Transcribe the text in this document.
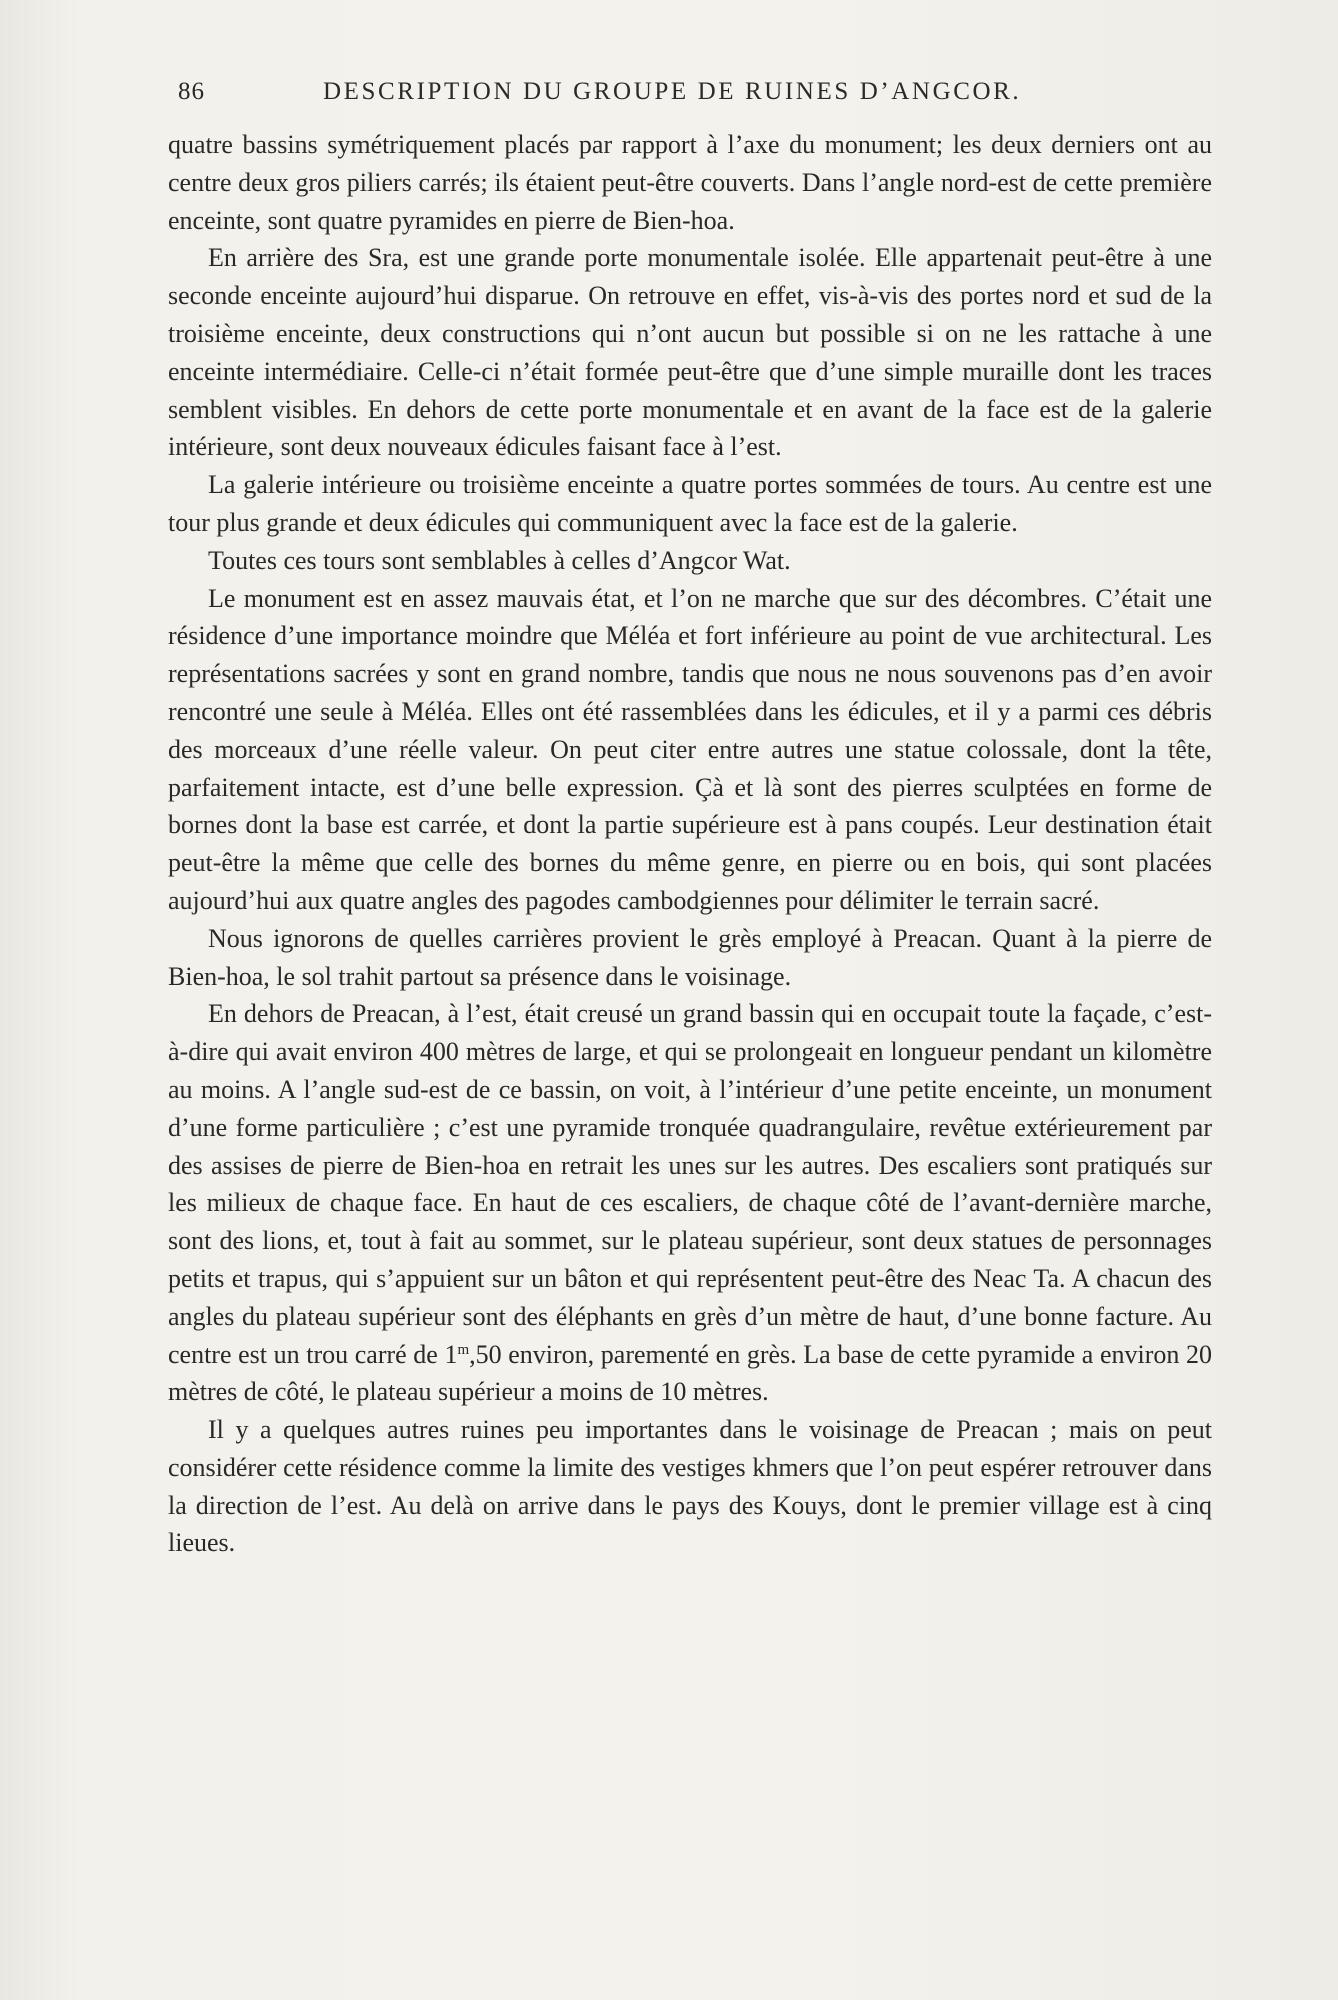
86	DESCRIPTION DU GROUPE DE RUINES D’ANGCOR.

quatre bassins symétriquement placés par rapport à l’axe du monument; les deux derniers ont au centre deux gros piliers carrés; ils étaient peut-être couverts. Dans l’angle nord-est de cette première enceinte, sont quatre pyramides en pierre de Bien-hoa.

En arrière des Sra, est une grande porte monumentale isolée. Elle appartenait peut-être à une seconde enceinte aujourd’hui disparue. On retrouve en effet, vis-à-vis des portes nord et sud de la troisième enceinte, deux constructions qui n’ont aucun but possible si on ne les rattache à une enceinte intermédiaire. Celle-ci n’était formée peut-être que d’une simple muraille dont les traces semblent visibles. En dehors de cette porte monumentale et en avant de la face est de la galerie intérieure, sont deux nouveaux édicules faisant face à l’est.

La galerie intérieure ou troisième enceinte a quatre portes sommées de tours. Au centre est une tour plus grande et deux édicules qui communiquent avec la face est de la galerie.

Toutes ces tours sont semblables à celles d’Angcor Wat.

Le monument est en assez mauvais état, et l’on ne marche que sur des décombres. C’était une résidence d’une importance moindre que Méléa et fort inférieure au point de vue architectural. Les représentations sacrées y sont en grand nombre, tandis que nous ne nous souvenons pas d’en avoir rencontré une seule à Méléa. Elles ont été rassemblées dans les édicules, et il y a parmi ces débris des morceaux d’une réelle valeur. On peut citer entre autres une statue colossale, dont la tête, parfaitement intacte, est d’une belle expression. Çà et là sont des pierres sculptées en forme de bornes dont la base est carrée, et dont la partie supérieure est à pans coupés. Leur destination était peut-être la même que celle des bornes du même genre, en pierre ou en bois, qui sont placées aujourd’hui aux quatre angles des pagodes cambodgiennes pour délimiter le terrain sacré.

Nous ignorons de quelles carrières provient le grès employé à Preacan. Quant à la pierre de Bien-hoa, le sol trahit partout sa présence dans le voisinage.

En dehors de Preacan, à l’est, était creusé un grand bassin qui en occupait toute la façade, c’est-à-dire qui avait environ 400 mètres de large, et qui se prolongeait en longueur pendant un kilomètre au moins. A l’angle sud-est de ce bassin, on voit, à l’intérieur d’une petite enceinte, un monument d’une forme particulière ; c’est une pyramide tronquée quadrangulaire, revêtue extérieurement par des assises de pierre de Bien-hoa en retrait les unes sur les autres. Des escaliers sont pratiqués sur les milieux de chaque face. En haut de ces escaliers, de chaque côté de l’avant-dernière marche, sont des lions, et, tout à fait au sommet, sur le plateau supérieur, sont deux statues de personnages petits et trapus, qui s’appuient sur un bâton et qui représentent peut-être des Neac Ta. A chacun des angles du plateau supérieur sont des éléphants en grès d’un mètre de haut, d’une bonne facture. Au centre est un trou carré de 1$^m$,50 environ, parementé en grès. La base de cette pyramide a environ 20 mètres de côté, le plateau supérieur a moins de 10 mètres.

Il y a quelques autres ruines peu importantes dans le voisinage de Preacan ; mais on peut considérer cette résidence comme la limite des vestiges khmers que l’on peut espérer retrouver dans la direction de l’est. Au delà on arrive dans le pays des Kouys, dont le premier village est à cinq lieues.
